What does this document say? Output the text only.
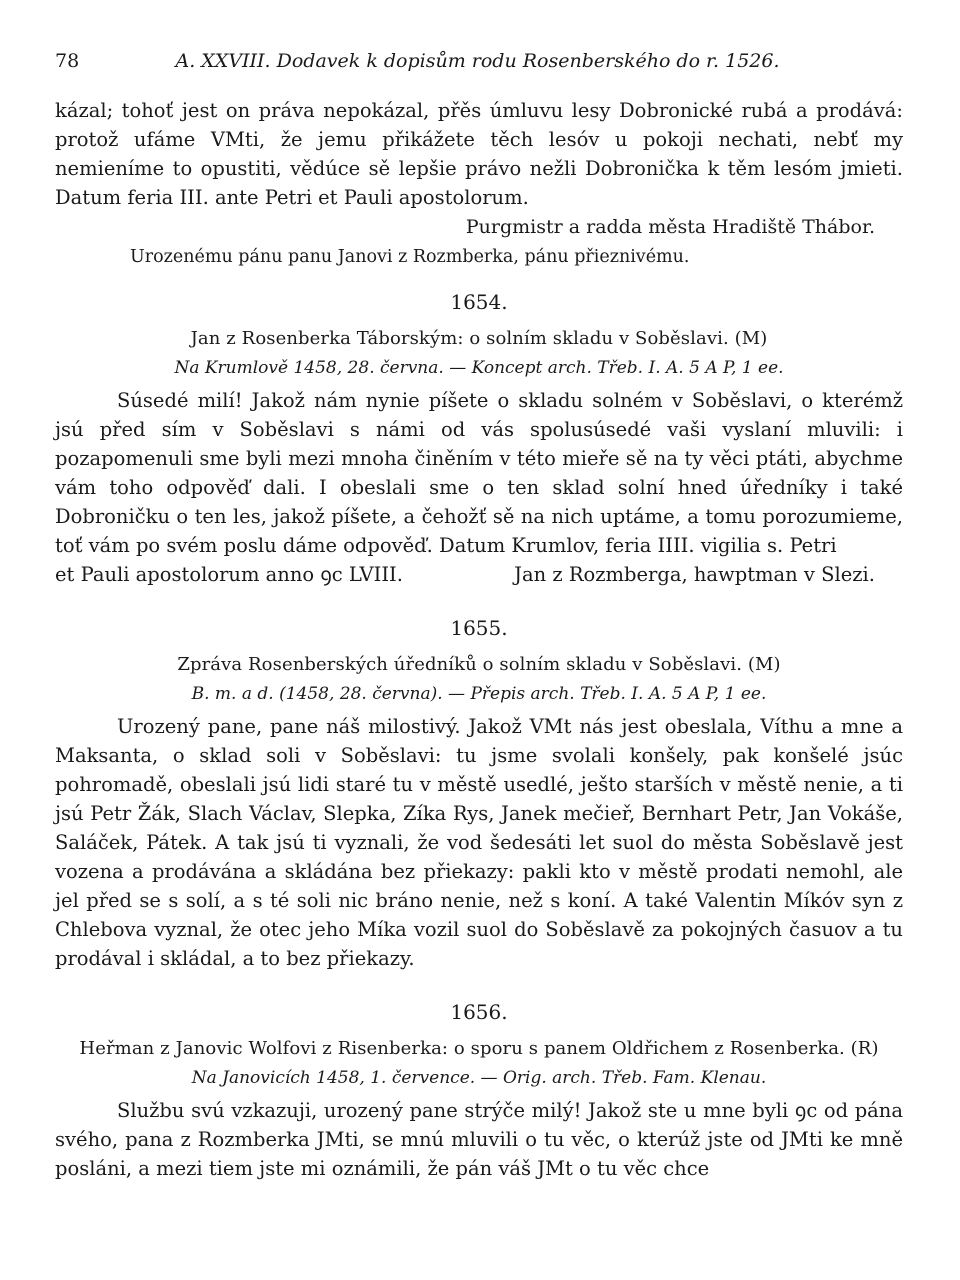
78	A. XXVIII. Dodavek k dopisům rodu Rosenberského do r. 1526.

kázal; tohoť jest on práva nepokázal, přěs úmluvu lesy Dobronické rubá a prodává: protož ufáme VMti, že jemu přikážete těch lesóv u pokoji nechati, nebť my nemieníme to opustiti, vědúce sě lepšie právo nežli Dobronička k těm lesóm jmieti. Datum feria III. ante Petri et Pauli apostolorum.

Purgmistr a radda města Hradiště Thábor.

Urozenému pánu panu Janovi z Rozmberka, pánu přieznivému.

1654.

Jan z Rosenberka Táborským: o solním skladu v Soběslavi. (M)

Na Krumlově 1458, 28. června. — Koncept arch. Třeb. I. A. 5 A P, 1 ee.

Súsedé milí! Jakož nám nynie píšete o skladu solném v Soběslavi, o kterémž jsú před sím v Soběslavi s námi od vás spolusúsedé vaši vyslaní mluvili: i pozapomenuli sme byli mezi mnoha činěním v této mieře sě na ty věci ptáti, abychme vám toho odpověď dali. I obeslali sme o ten sklad solní hned úředníky i také Dobroničku o ten les, jakož píšete, a čehožť sě na nich uptáme, a tomu porozumieme, toť vám po svém poslu dáme odpověď. Datum Krumlov, feria IIII. vigilia s. Petri

et Pauli apostolorum anno ꝯc LVIII.	Jan z Rozmberga, hawptman v Slezi.

1655.

Zpráva Rosenberských úředníků o solním skladu v Soběslavi. (M)

B. m. a d. (1458, 28. června). — Přepis arch. Třeb. I. A. 5 A P, 1 ee.

Urozený pane, pane náš milostivý. Jakož VMt nás jest obeslala, Víthu a mne a Maksanta, o sklad soli v Soběslavi: tu jsme svolali konšely, pak konšelé jsúc pohromadě, obeslali jsú lidi staré tu v městě usedlé, ješto starších v městě nenie, a ti jsú Petr Žák, Slach Václav, Slepka, Zíka Rys, Janek mečieř, Bernhart Petr, Jan Vokáše, Saláček, Pátek. A tak jsú ti vyznali, že vod šedesáti let suol do města Soběslavě jest vozena a prodávána a skládána bez přiekazy: pakli kto v městě prodati nemohl, ale jel před se s solí, a s té soli nic bráno nenie, než s koní. A také Valentin Míkóv syn z Chlebova vyznal, že otec jeho Míka vozil suol do Soběslavě za pokojných časuov a tu prodával i skládal, a to bez přiekazy.

1656.

Heřman z Janovic Wolfovi z Risenberka: o sporu s panem Oldřichem z Rosenberka. (R)

Na Janovicích 1458, 1. července. — Orig. arch. Třeb. Fam. Klenau.

Službu svú vzkazuji, urozený pane strýče milý! Jakož ste u mne byli ꝯc od pána svého, pana z Rozmberka JMti, se mnú mluvili o tu věc, o kterúž jste od JMti ke mně posláni, a mezi tiem jste mi oznámili, že pán váš JMt o tu věc chce
